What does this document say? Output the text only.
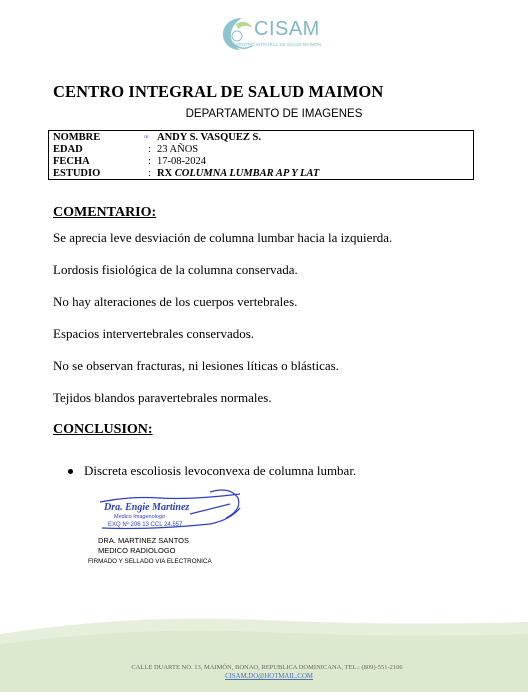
CISAM
CENTRO INTEGRAL DE SALUD MAIMON
CENTRO INTEGRAL DE SALUD MAIMON
DEPARTAMENTO DE IMAGENES
NOMBRE	ꟹ ANDY S. VASQUEZ S.
EDAD	: 23 AÑOS
FECHA	: 17-08-2024
ESTUDIO	: RX COLUMNA LUMBAR AP Y LAT
COMENTARIO:
Se aprecia leve desviación de columna lumbar hacia la izquierda.
Lordosis fisiológica de la columna conservada.
No hay alteraciones de los cuerpos vertebrales.
Espacios intervertebrales conservados.
No se observan fracturas, ni lesiones líticas o blásticas.
Tejidos blandos paravertebrales normales.
CONCLUSION:
Discreta escoliosis levoconvexa de columna lumbar.
Dra. Engie Martinez
Medico Imagenologo
EXQ Nº 206 13 CCL 24.557
DRA. MARTINEZ SANTOS
MEDICO RADIOLOGO
FIRMADO Y SELLADO VIA ELECTRONICA
CALLE DUARTE NO. 13, MAIMÓN, BONAO, REPUBLICA DOMINICANA, TEL.: (809)-551-2106
CISAM.DO@HOTMAIL.COM
